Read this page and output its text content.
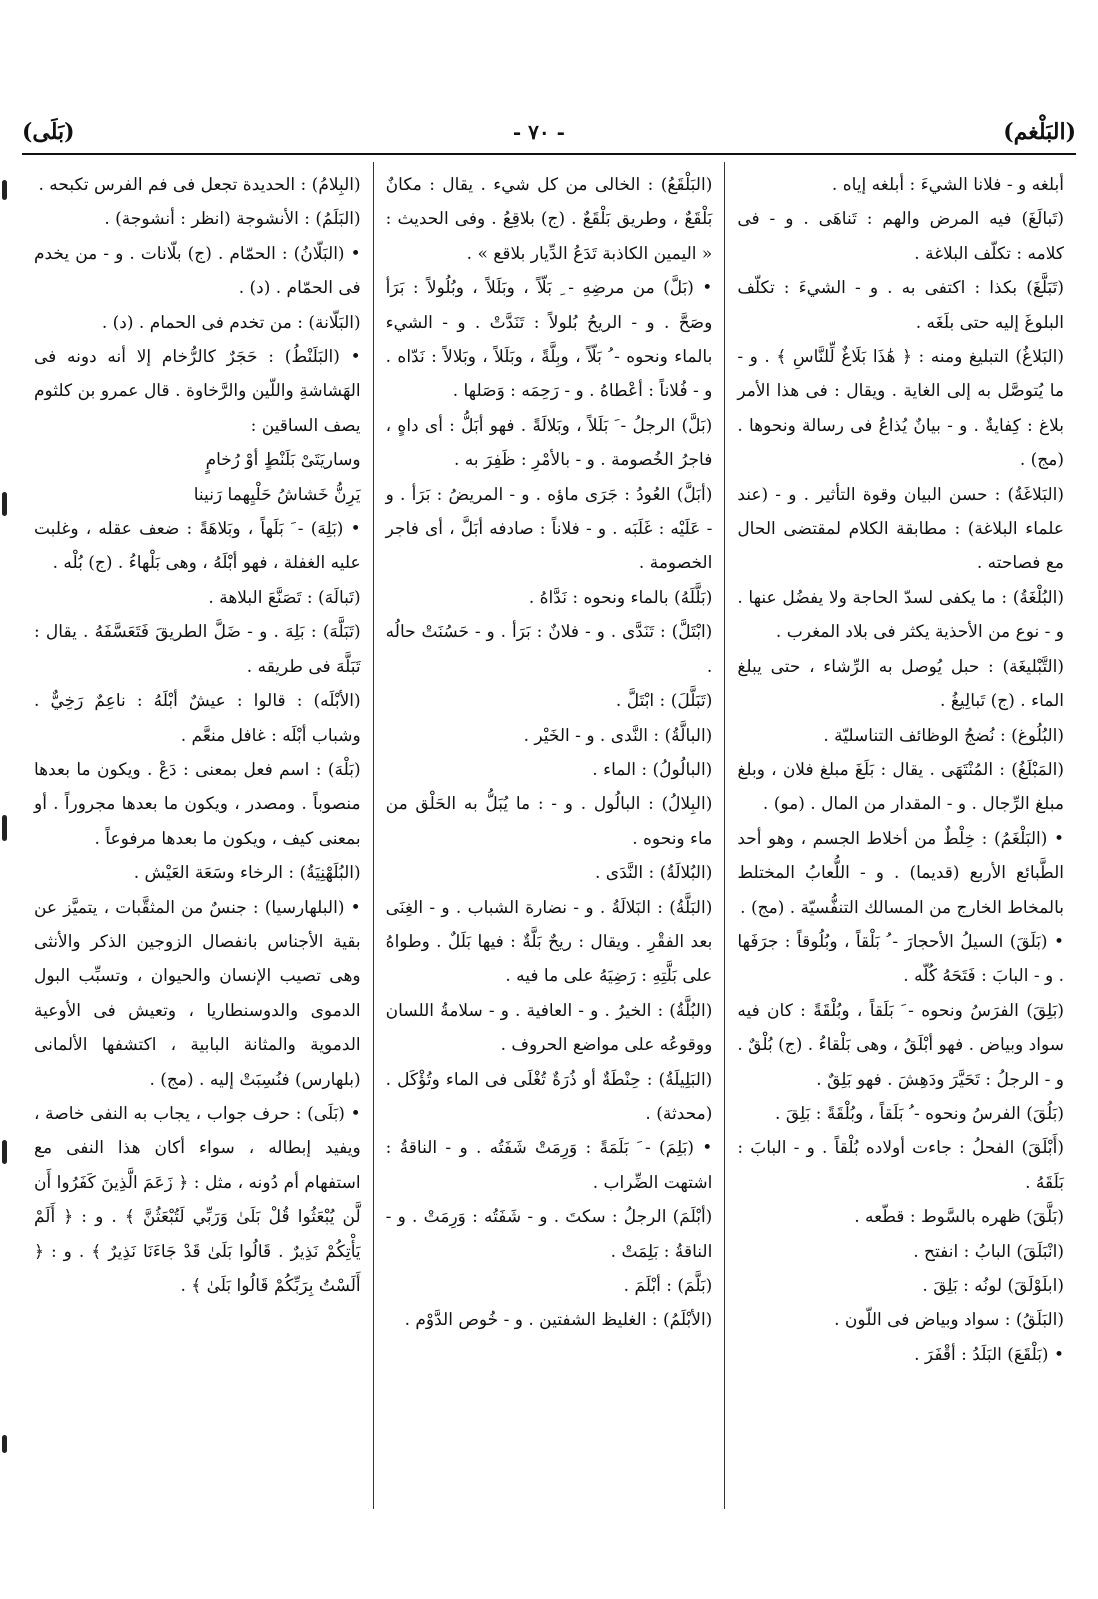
(البَلْغم)
- ٧٠ -
(بَلَى)

أبلغه و - فلانا الشيءَ : أبلغه إياه .

(تَبالَغَ) فيه المرض والهم : تَناهَى . و - فى كلامه : تكلّف البلاغة .

(تَبَلَّغَ) بكذا : اكتفى به . و - الشيءَ : تكلّف البلوغَ إليه حتى بلَغَه .

(البَلاغُ) التبليغ ومنه : ﴿ هَٰذَا بَلَاغٌ لِّلنَّاسِ ﴾ . و - ما يُتوصَّل به إلى الغاية . ويقال : فى هذا الأمر بلاغ : كِفايةٌ . و - بيانٌ يُذاعُ فى رسالة ونحوها . (مج) .

(البَلاغَةُ) : حسن البيان وقوة التأثير . و - (عند علماء البلاغة) : مطابقة الكلام لمقتضى الحال مع فصاحته .

(البُلْغَةُ) : ما يكفى لسدّ الحاجة ولا يفضُل عنها . و - نوع من الأحذية يكثر فى بلاد المغرب .

(التَّبْليغَة) : حبل يُوصل به الرِّشاء ، حتى يبلغ الماء . (ج) تَبالِيغُ .

(البُلُوغ) : نُضجُ الوظائف التناسليّة .

(المَبْلَغُ) : المُنْتَهَى . يقال : بَلَغَ مبلغ فلان ، وبلغ مبلغ الرِّجال . و - المقدار من المال . (مو) .

• (البَلْغَمُ) : خِلْطٌ من أخلاط الجسم ، وهو أحد الطَّبائع الأربع (قديما) . و - اللُّعابُ المختلط بالمخاط الخارج من المسالك التنفُّسيّة . (مج) .

• (بَلَقَ) السيلُ الأحجارَ - ُ بَلْقاً ، وبُلُوقاً : جرَفَها . و - البابَ : فَتَحَهُ كُلّه .

(بَلِقَ) الفرَسُ ونحوه - َ بَلَقاً ، وبُلْقَةً : كان فيه سواد وبياض . فهو أبْلَقُ ، وهى بَلْقاءُ . (ج) بُلْقٌ . و - الرجلُ : تَحَيَّرَ ودَهِشَ . فهو بَلِقٌ .

(بَلُقَ) الفرسُ ونحوه - ُ بَلَقاً ، وبُلْقَةً : بَلِقَ .

(أَبْلَقَ) الفحلُ : جاءت أولاده بُلْقاً . و - البابَ : بَلَقَهُ .

(بَلَّقَ) ظهره بالسَّوط : قطّعه .

(انْبَلَقَ) البابُ : انفتح .

(ابلَوْلَقَ) لونُه : بَلِقَ .

(البَلَقُ) : سواد وبياض فى اللّون .

• (بَلْقَعَ) البَلَدُ : أقْفَرَ .

(البَلْقَعُ) : الخالى من كل شيء . يقال : مكانٌ بَلْقَعٌ ، وطريق بَلْقَعٌ . (ج) بلاقِعُ . وفى الحديث : « اليمين الكاذبة تَدَعُ الدِّيار بلاقع » .

• (بَلَّ) من مرضِهِ - ِ بَلّاً ، وبَلَلاً ، وبُلُولاً : بَرَأ وصَحَّ . و - الريحُ بُلولاً : تَنَدَّتْ . و - الشيء بالماء ونحوه - ُ بَلّاً ، وبِلَّةً ، وبَلَلاً ، وبَلالاً : نَدّاه . و - فُلاناً : أعْطاهُ . و - رَحِمَه : وَصَلها .

(بَلَّ) الرجلُ - َ بَلَلاً ، وبَلالَةً . فهو أبَلُّ : أى داهٍ ، فاجرُ الخُصومة . و - بالأمْرِ : ظَفِرَ به .

(أبَلَّ) العُودُ : جَرَى ماؤه . و - المريضُ : بَرَأ . و - عَلَيْه : غَلَبَه . و - فلاناً : صادفه أبَلَّ ، أى فاجر الخصومة .

(بَلَّلَهُ) بالماء ونحوه : نَدَّاهُ .

(ابْتَلَّ) : تَنَدَّى . و - فلانٌ : بَرَأ . و - حَسُنَتْ حالُه .

(تَبَلَّلَ) : ابْتَلَّ .

(البالَّةُ) : النَّدى . و - الخَيْر .

(البالُولُ) : الماء .

(البِلالُ) : البالُول . و - : ما يُبَلُّ به الحَلْق من ماء ونحوه .

(البُلالَةُ) : النَّدَى .

(البَلَّةُ) : البَلالَةُ . و - نضارة الشباب . و - الغِنَى بعد الفقْرِ . ويقال : ريحٌ بَلَّةٌ : فيها بَلَلٌ . وطواهُ على بَلَّتِهِ : رَضِيَهُ على ما فيه .

(البُلَّةُ) : الخيرُ . و - العافية . و - سلامةُ اللسان ووقوعُه على مواضع الحروف .

(البَلِيلَةُ) : حِنْطَةٌ أو ذُرَةٌ تُغْلَى فى الماء وتُؤْكَل . (محدثة) .

• (بَلِمَ) - َ بَلَمَةً : وَرِمَتْ شَفَتُه . و - الناقةُ : اشتهت الضِّراب .

(أبْلَمَ) الرجلُ : سكتَ . و - شَفَتُه : وَرِمَتْ . و - الناقةُ : بَلِمَتْ .

(بَلَّمَ) : أبْلَمَ .

(الأبْلَمُ) : الغليظ الشفتين . و - خُوص الدَّوْم .

(البِلامُ) : الحديدة تجعل فى فم الفرس تكبحه .

(البَلَمُ) : الأنشوجة (انظر : أنشوجة) .

• (البَلّانُ) : الحمّام . (ج) بلّانات . و - من يخدم فى الحمّام . (د) .

(البَلّانة) : من تخدم فى الحمام . (د) .

• (البَلَنْطُ) : حَجَرٌ كالرُّخام إلا أنه دونه فى الهَشاشةِ واللّين والرَّخاوة . قال عمرو بن كلثوم يصف الساقين :

وساريَتَىْ بَلَنْطٍ أوْ رُخامٍ

يَرِنُّ خَشاشُ حَلْيِهما رَنينا

• (بَلِهَ) - َ بَلَهاً ، وبَلاهَةً : ضعف عقله ، وغلبت عليه الغفلة ، فهو أبْلَهُ ، وهى بَلْهاءُ . (ج) بُلْه .

(تَبالَهَ) : تَصَنَّعَ البلاهة .

(تَبَلَّهَ) : بَلِهَ . و - ضَلَّ الطريقَ فَتَعَسَّفَهُ . يقال : تَبَلَّهَ فى طريقه .

(الأبْلَه) : قالوا : عيشٌ أبْلَهُ : ناعِمٌ رَخِيٌّ . وشباب أبْلَه : غافل منعَّم .

(بَلْهَ) : اسم فعل بمعنى : دَعْ . ويكون ما بعدها منصوباً . ومصدر ، ويكون ما بعدها مجروراً . أو بمعنى كيف ، ويكون ما بعدها مرفوعاً .

(البُلَهْنِيَةُ) : الرخاء وسَعَة العَيْش .

• (البلهارسيا) : جنسٌ من المثقَّبات ، يتميَّز عن بقية الأجناس بانفصال الزوجين الذكر والأنثى وهى تصيب الإنسان والحيوان ، وتسبِّب البول الدموى والدوسنطاريا ، وتعيش فى الأوعية الدموية والمثانة البابية ، اكتشفها الألمانى (بلهارس) فنُسِبَتْ إليه . (مج) .

• (بَلَى) : حرف جواب ، يجاب به النفى خاصة ، ويفيد إبطاله ، سواء أكان هذا النفى مع استفهام أم دُونه ، مثل : ﴿ زَعَمَ الَّذِينَ كَفَرُوا أَن لَّن يُبْعَثُوا قُلْ بَلَىٰ وَرَبِّي لَتُبْعَثُنَّ ﴾ . و : ﴿ أَلَمْ يَأْتِكُمْ نَذِيرٌ . قَالُوا بَلَىٰ قَدْ جَاءَنَا نَذِيرٌ ﴾ . و : ﴿ أَلَسْتُ بِرَبِّكُمْ قَالُوا بَلَىٰ ﴾ .
